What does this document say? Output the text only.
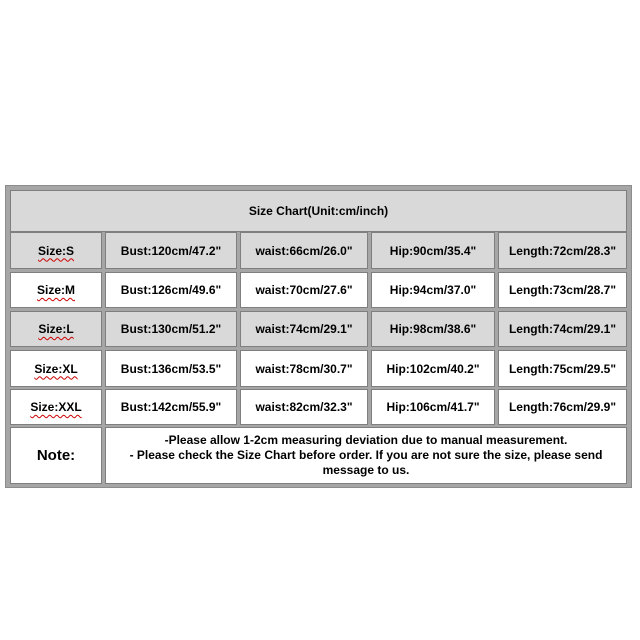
Size Chart(Unit:cm/inch)
Size:S	Bust:120cm/47.2"	waist:66cm/26.0"	Hip:90cm/35.4"	Length:72cm/28.3"
Size:M	Bust:126cm/49.6"	waist:70cm/27.6"	Hip:94cm/37.0"	Length:73cm/28.7"
Size:L	Bust:130cm/51.2"	waist:74cm/29.1"	Hip:98cm/38.6"	Length:74cm/29.1"
Size:XL	Bust:136cm/53.5"	waist:78cm/30.7"	Hip:102cm/40.2"	Length:75cm/29.5"
Size:XXL	Bust:142cm/55.9"	waist:82cm/32.3"	Hip:106cm/41.7"	Length:76cm/29.9"
Note:
-Please allow 1-2cm measuring deviation due to manual measurement.
- Please check the Size Chart before order. If you are not sure the size, please send message to us.
